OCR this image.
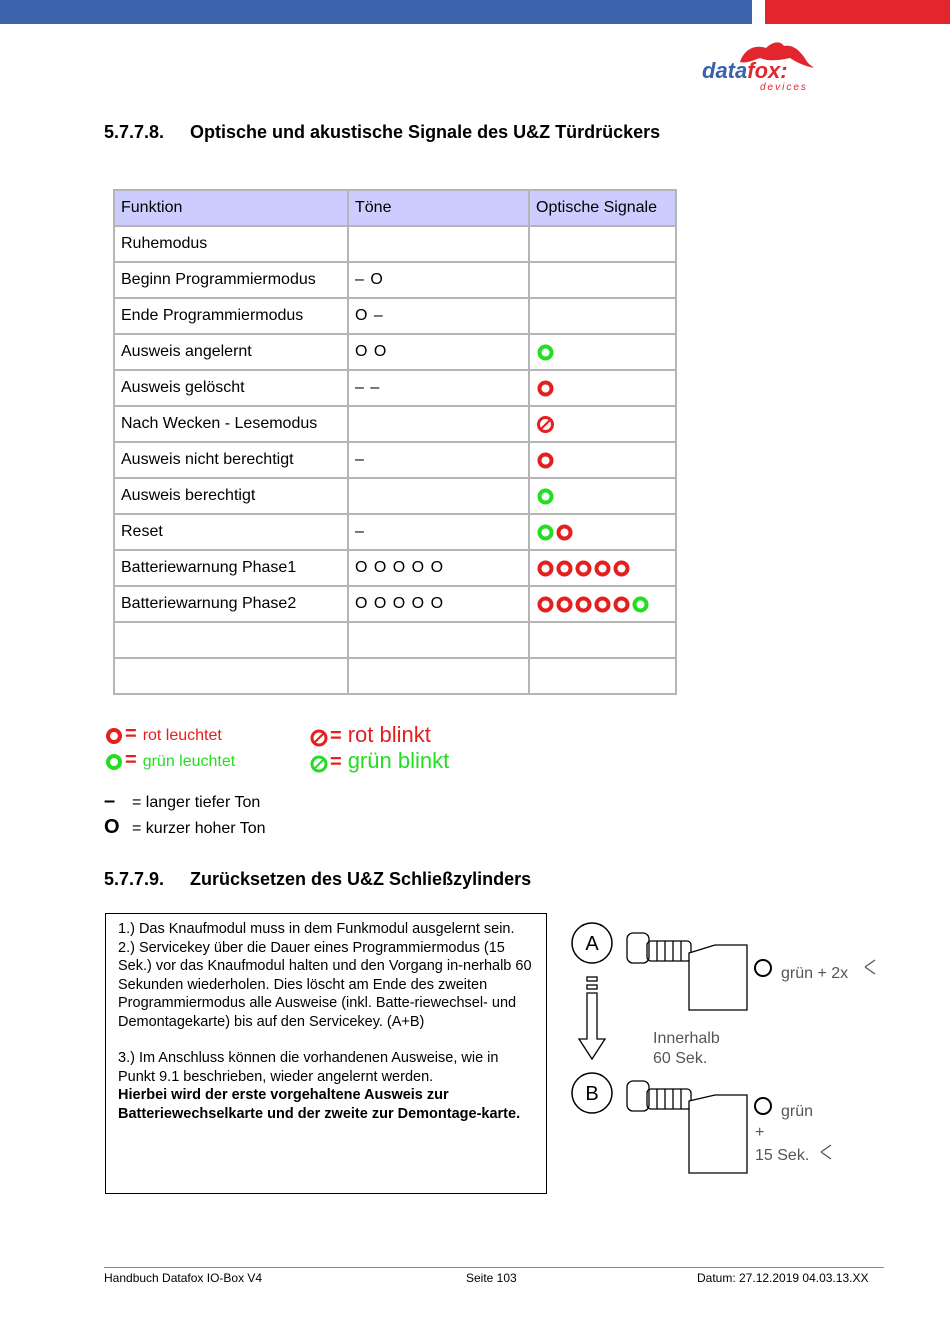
datafox:
devices
5.7.7.8. Optische und akustische Signale des U&Z Türdrückers
Funktion	Töne	Optische Signale
Ruhemodus		
Beginn Programmiermodus	– O	
Ende Programmiermodus	O –	
Ausweis angelernt	O O	
Ausweis gelöscht	– –	
Nach Wecken - Lesemodus		
Ausweis nicht berechtigt	–	
Ausweis berechtigt		
Reset	–	
Batteriewarnung Phase1	O O O O O	
Batteriewarnung Phase2	O O O O O	

= rot leuchtet
= grün leuchtet
= rot blinkt
= grün blinkt
– = langer tiefer Ton
O = kurzer hoher Ton
5.7.7.9. Zurücksetzen des U&Z Schließzylinders

1.) Das Knaufmodul muss in dem Funkmodul ausgelernt sein.

2.) Servicekey über die Dauer eines Programmiermodus (15 Sek.) vor das Knaufmodul halten und den Vorgang in-nerhalb 60 Sekunden wiederholen. Dies löscht am Ende des zweiten Programmiermodus alle Ausweise (inkl. Batte-riewechsel- und Demontagekarte) bis auf den Servicekey. (A+B)

3.) Im Anschluss können die vorhandenen Ausweise, wie in Punkt 9.1 beschrieben, wieder angelernt werden.

Hierbei wird der erste vorgehaltene Ausweis zur Batteriewechselkarte und der zweite zur Demontage-karte.

A
grün + 2x
Innerhalb
60 Sek.
B
grün
+
15 Sek.
Handbuch Datafox IO-Box V4	Seite 103	Datum: 27.12.2019 04.03.13.XX
